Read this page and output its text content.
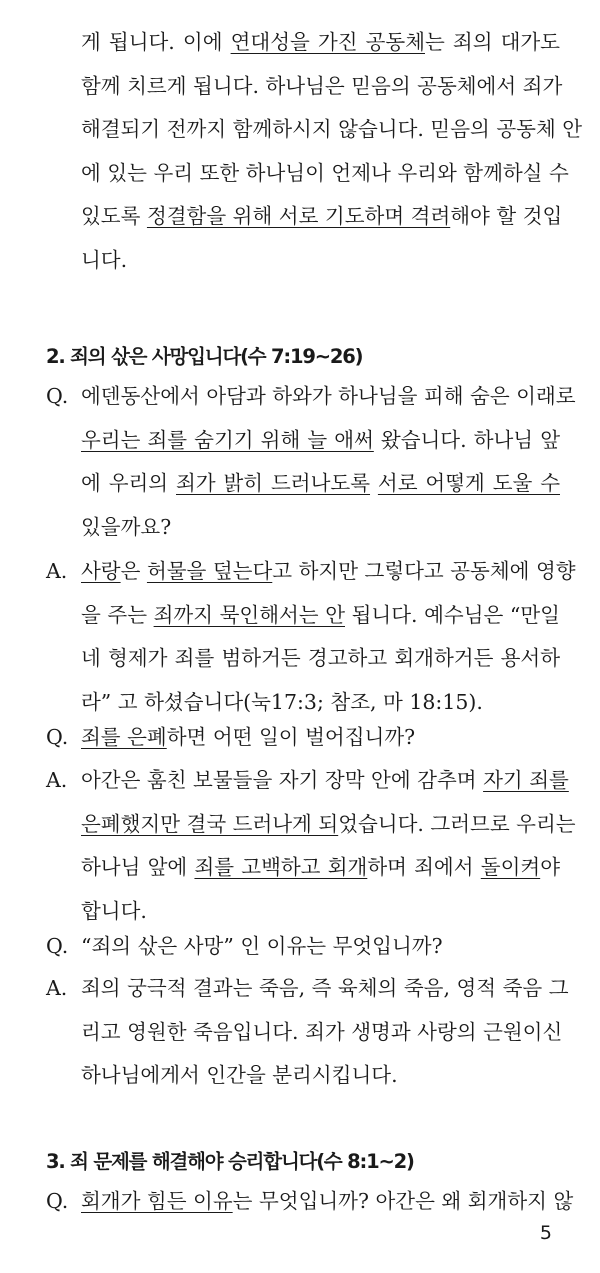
게 됩니다. 이에 연대성을 가진 공동체는 죄의 대가도
함께 치르게 됩니다. 하나님은 믿음의 공동체에서 죄가
해결되기 전까지 함께하시지 않습니다. 믿음의 공동체 안
에 있는 우리 또한 하나님이 언제나 우리와 함께하실 수
있도록 정결함을 위해 서로 기도하며 격려해야 할 것입
니다.
2. 죄의 삯은 사망입니다(수 7:19~26)
Q. 에덴동산에서 아담과 하와가 하나님을 피해 숨은 이래로
우리는 죄를 숨기기 위해 늘 애써 왔습니다. 하나님 앞
에 우리의 죄가 밝히 드러나도록 서로 어떻게 도울 수
있을까요?
A. 사랑은 허물을 덮는다고 하지만 그렇다고 공동체에 영향
을 주는 죄까지 묵인해서는 안 됩니다. 예수님은 “만일
네 형제가 죄를 범하거든 경고하고 회개하거든 용서하
라” 고 하셨습니다(눅17:3; 참조, 마 18:15).
Q. 죄를 은폐하면 어떤 일이 벌어집니까?
A. 아간은 훔친 보물들을 자기 장막 안에 감추며 자기 죄를
은폐했지만 결국 드러나게 되었습니다. 그러므로 우리는
하나님 앞에 죄를 고백하고 회개하며 죄에서 돌이켜야
합니다.
Q. “죄의 삯은 사망” 인 이유는 무엇입니까?
A. 죄의 궁극적 결과는 죽음, 즉 육체의 죽음, 영적 죽음 그
리고 영원한 죽음입니다. 죄가 생명과 사랑의 근원이신
하나님에게서 인간을 분리시킵니다.
3. 죄 문제를 해결해야 승리합니다(수 8:1~2)
Q. 회개가 힘든 이유는 무엇입니까? 아간은 왜 회개하지 않
5
